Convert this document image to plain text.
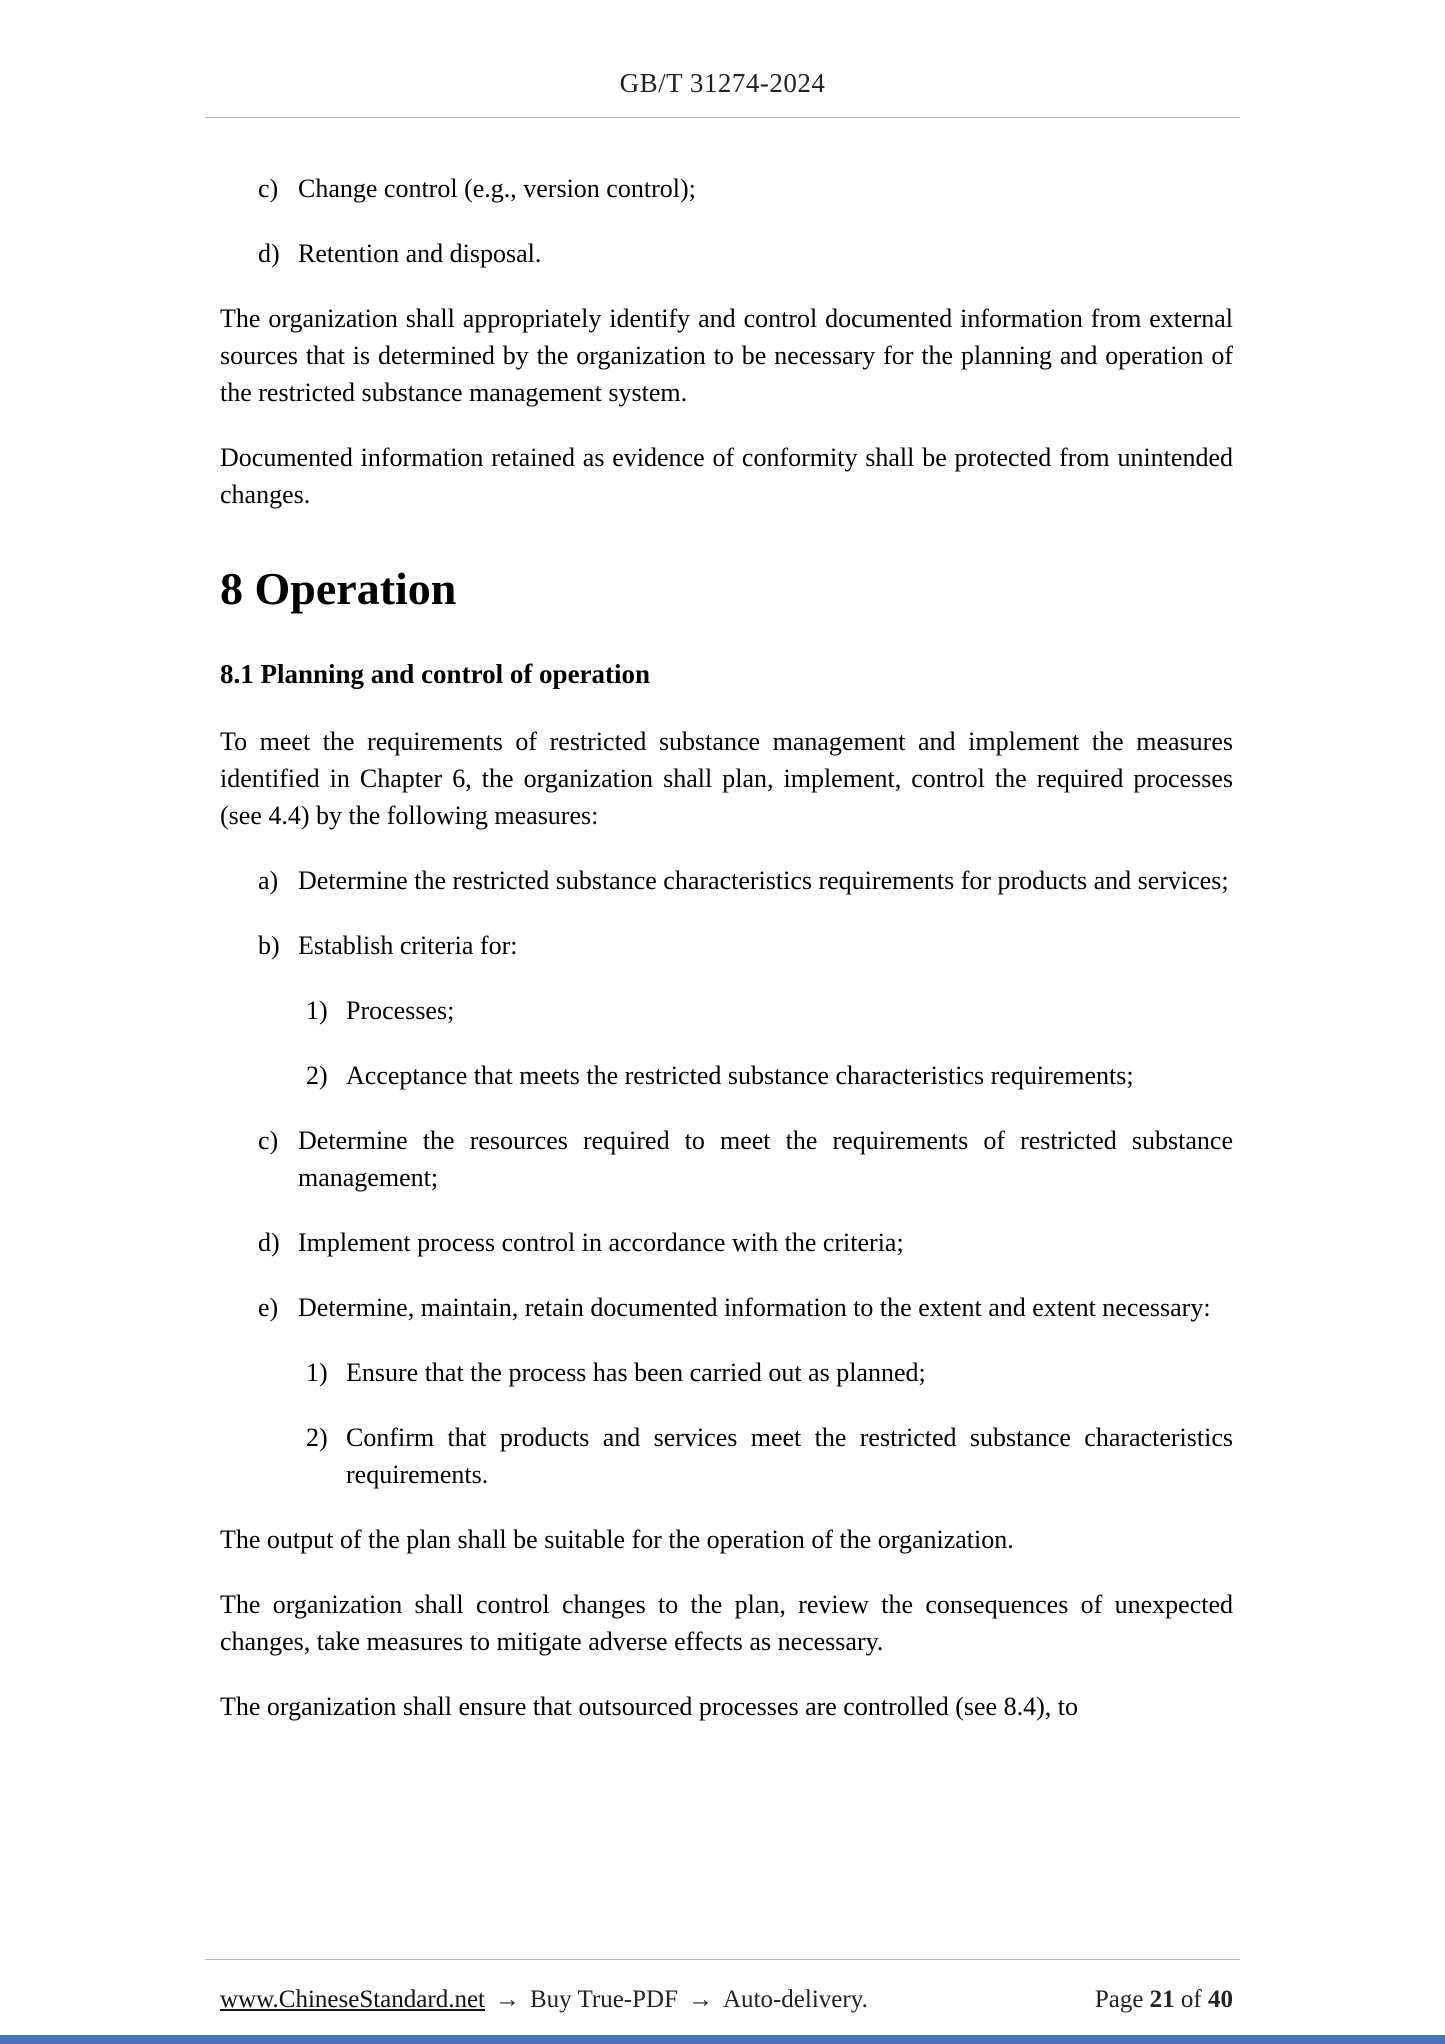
GB/T 31274-2024
c) Change control (e.g., version control);
d) Retention and disposal.

The organization shall appropriately identify and control documented information from external sources that is determined by the organization to be necessary for the planning and operation of the restricted substance management system.

Documented information retained as evidence of conformity shall be protected from unintended changes.

8 Operation
8.1 Planning and control of operation

To meet the requirements of restricted substance management and implement the measures identified in Chapter 6, the organization shall plan, implement, control the required processes (see 4.4) by the following measures:

a) Determine the restricted substance characteristics requirements for products and services;
b) Establish criteria for:
1) Processes;
2) Acceptance that meets the restricted substance characteristics requirements;
c) Determine the resources required to meet the requirements of restricted substance management;
d) Implement process control in accordance with the criteria;
e) Determine, maintain, retain documented information to the extent and extent necessary:
1) Ensure that the process has been carried out as planned;
2) Confirm that products and services meet the restricted substance characteristics requirements.

The output of the plan shall be suitable for the operation of the organization.

The organization shall control changes to the plan, review the consequences of unexpected changes, take measures to mitigate adverse effects as necessary.

The organization shall ensure that outsourced processes are controlled (see 8.4), to

www.ChineseStandard.net → Buy True-PDF → Auto-delivery.	Page 21 of 40
